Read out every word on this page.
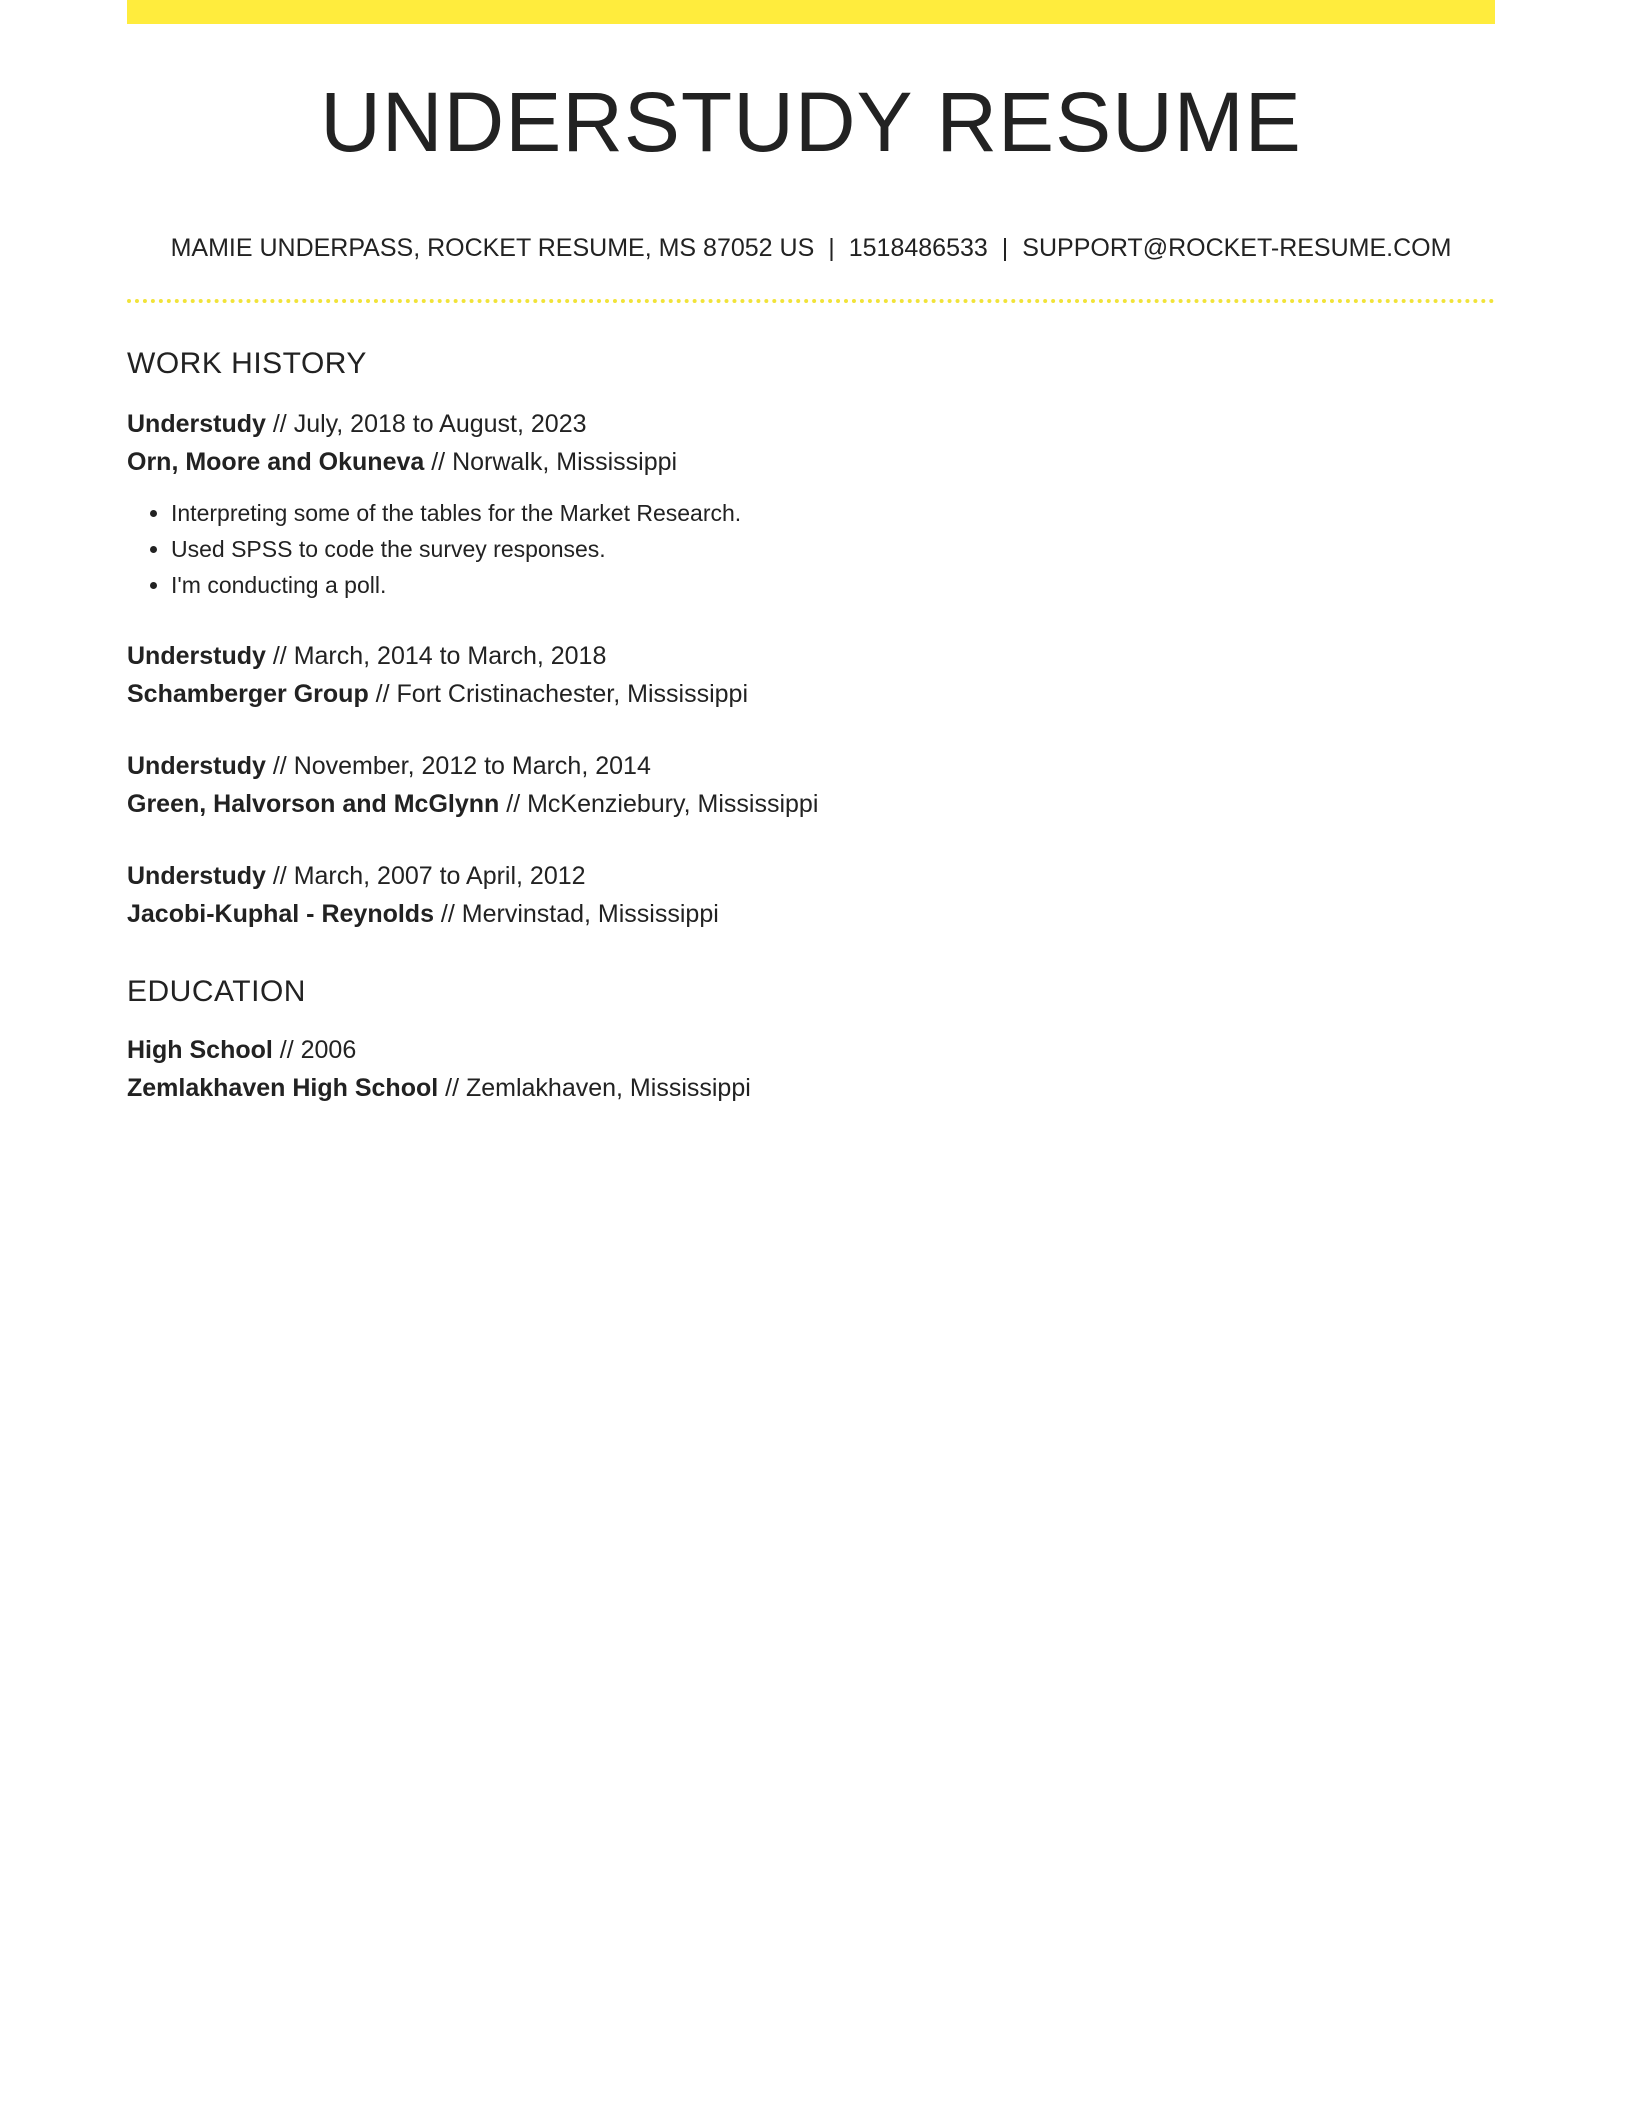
UNDERSTUDY RESUME
MAMIE UNDERPASS, ROCKET RESUME, MS 87052 US | 1518486533 | SUPPORT@ROCKET-RESUME.COM
WORK HISTORY
Understudy // July, 2018 to August, 2023
Orn, Moore and Okuneva // Norwalk, Mississippi
• Interpreting some of the tables for the Market Research.
• Used SPSS to code the survey responses.
• I'm conducting a poll.
Understudy // March, 2014 to March, 2018
Schamberger Group // Fort Cristinachester, Mississippi
Understudy // November, 2012 to March, 2014
Green, Halvorson and McGlynn // McKenziebury, Mississippi
Understudy // March, 2007 to April, 2012
Jacobi-Kuphal - Reynolds // Mervinstad, Mississippi
EDUCATION
High School // 2006
Zemlakhaven High School // Zemlakhaven, Mississippi
